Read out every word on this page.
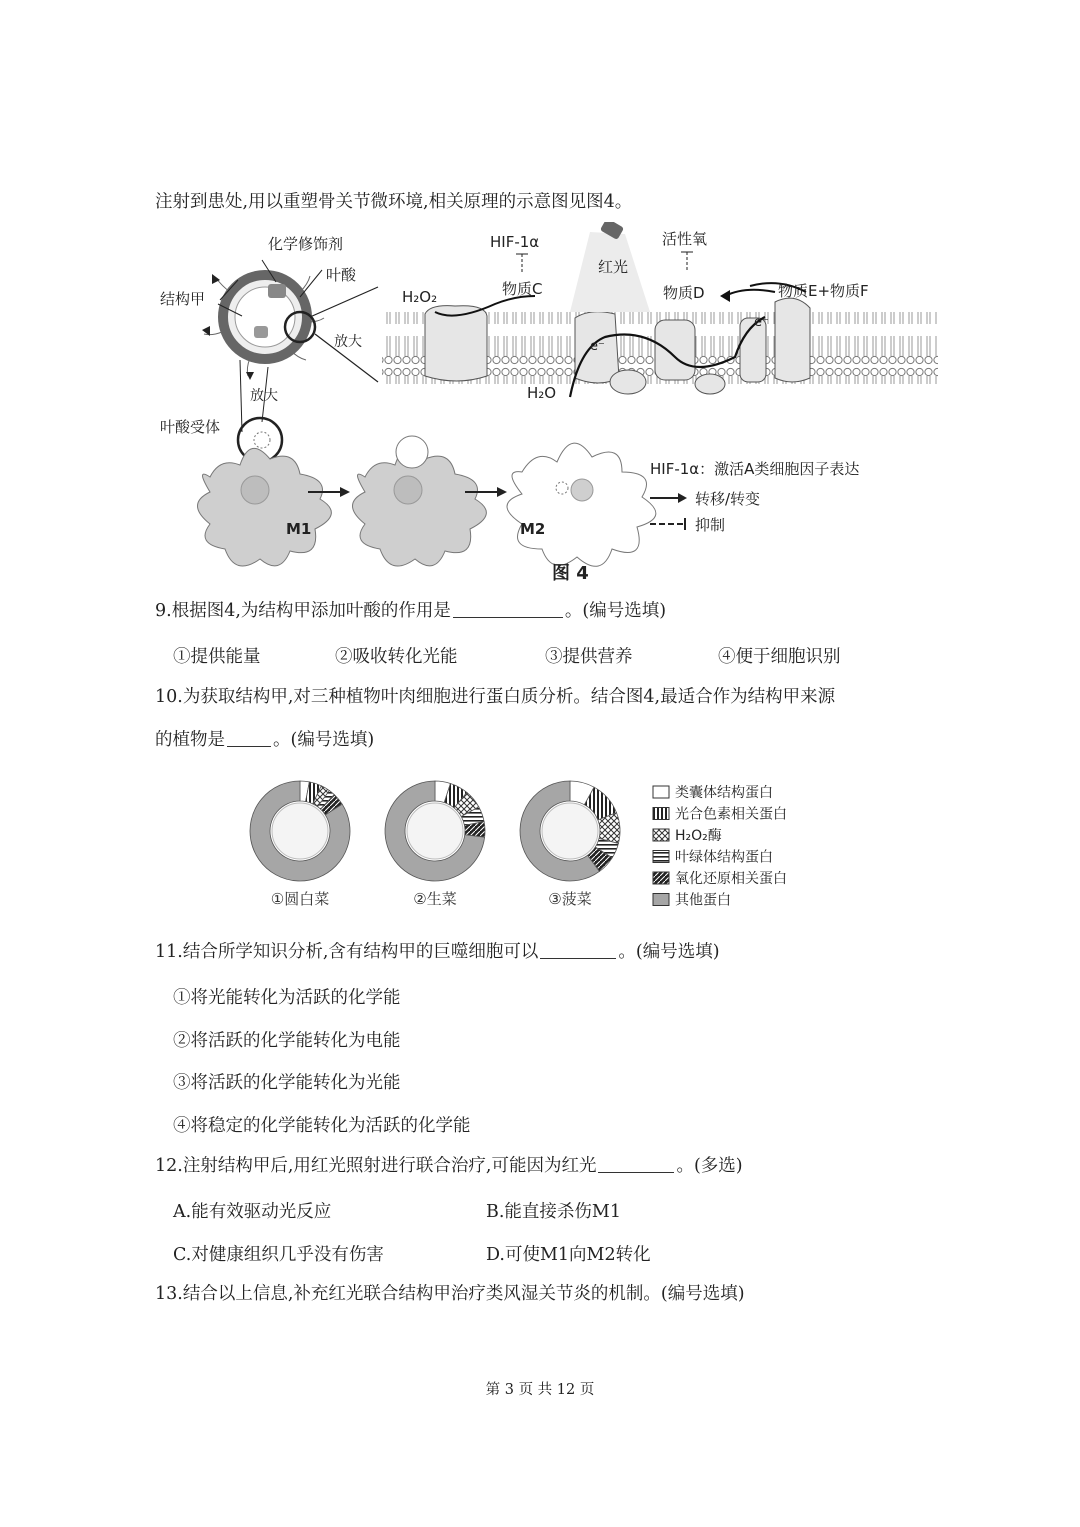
注射到患处,用以重塑骨关节微环境,相关原理的示意图见图4。
化学修饰剂
叶酸
结构甲
放大	e⁻
e⁻
HIF-1α
物质C
H₂O₂
H₂O
红光
活性氧
物质D	物质E+物质F
放大
叶酸受体
M1	M2
HIF-1α：激活A类细胞因子表达
转移/转变
抑制
图 4
9.根据图4,为结构甲添加叶酸的作用是	。(编号选填)
①提供能量	②吸收转化光能	③提供营养	④便于细胞识别
10.为获取结构甲,对三种植物叶肉细胞进行蛋白质分析。结合图4,最适合作为结构甲来源
的植物是	。(编号选填)
①圆白菜	②生菜	③菠菜
类囊体结构蛋白
光合色素相关蛋白
H₂O₂酶
叶绿体结构蛋白
氧化还原相关蛋白
其他蛋白
11.结合所学知识分析,含有结构甲的巨噬细胞可以	。(编号选填)
①将光能转化为活跃的化学能
②将活跃的化学能转化为电能
③将活跃的化学能转化为光能
④将稳定的化学能转化为活跃的化学能
12.注射结构甲后,用红光照射进行联合治疗,可能因为红光	。(多选)
A.能有效驱动光反应	B.能直接杀伤M1
C.对健康组织几乎没有伤害	D.可使M1向M2转化
13.结合以上信息,补充红光联合结构甲治疗类风湿关节炎的机制。(编号选填)
第 3 页 共 12 页
